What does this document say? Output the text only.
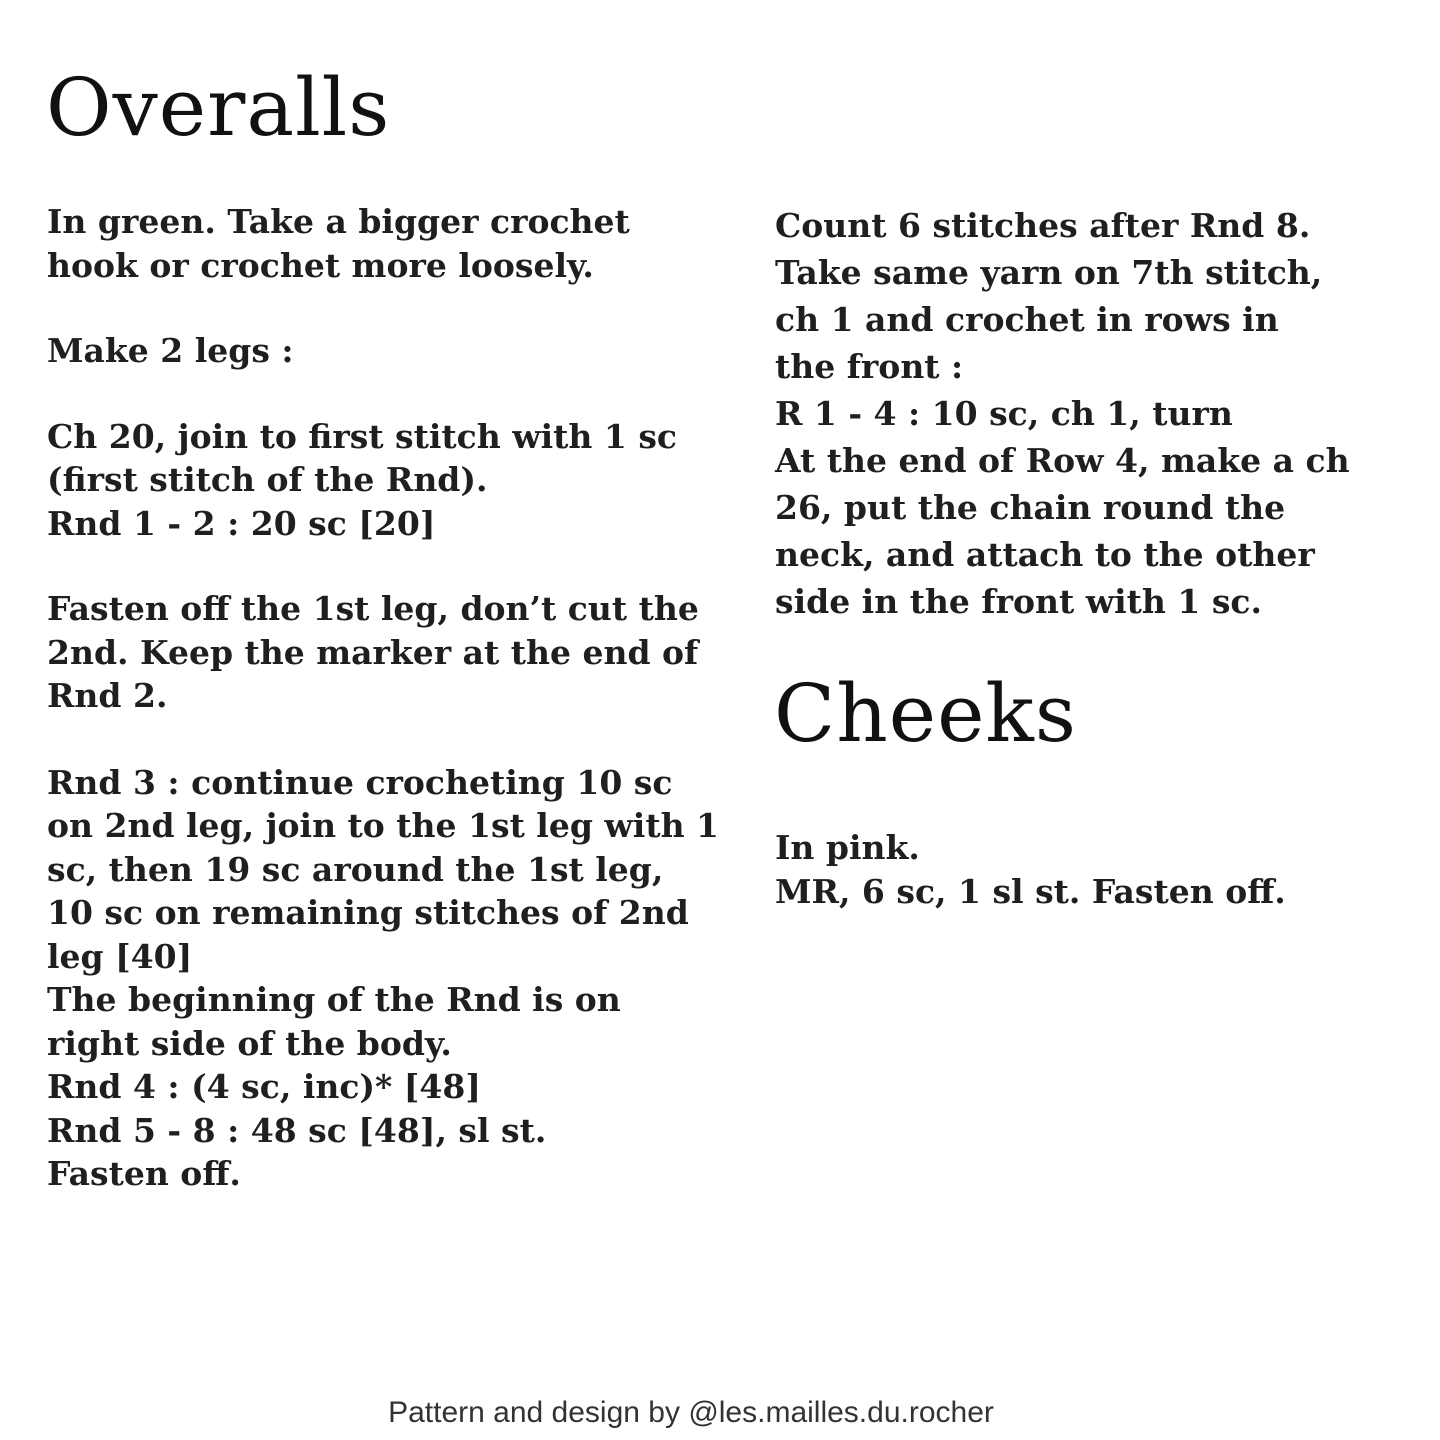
Overalls

In green. Take a bigger crochet

hook or crochet more loosely.

Make 2 legs :

Ch 20, join to first stitch with 1 sc

(first stitch of the Rnd).

Rnd 1 - 2 : 20 sc [20]

Fasten off the 1st leg, don’t cut the

2nd. Keep the marker at the end of

Rnd 2.

Rnd 3 : continue crocheting 10 sc

on 2nd leg, join to the 1st leg with 1

sc, then 19 sc around the 1st leg,

10 sc on remaining stitches of 2nd

leg [40]

The beginning of the Rnd is on

right side of the body.

Rnd 4 : (4 sc, inc)* [48]

Rnd 5 - 8 : 48 sc [48], sl st.

Fasten off.

Count 6 stitches after Rnd 8.

Take same yarn on 7th stitch,

ch 1 and crochet in rows in

the front :

R 1 - 4 : 10 sc, ch 1, turn

At the end of Row 4, make a ch

26, put the chain round the

neck, and attach to the other

side in the front with 1 sc.

Cheeks

In pink.

MR, 6 sc, 1 sl st. Fasten off.

Pattern and design by @les.mailles.du.rocher
